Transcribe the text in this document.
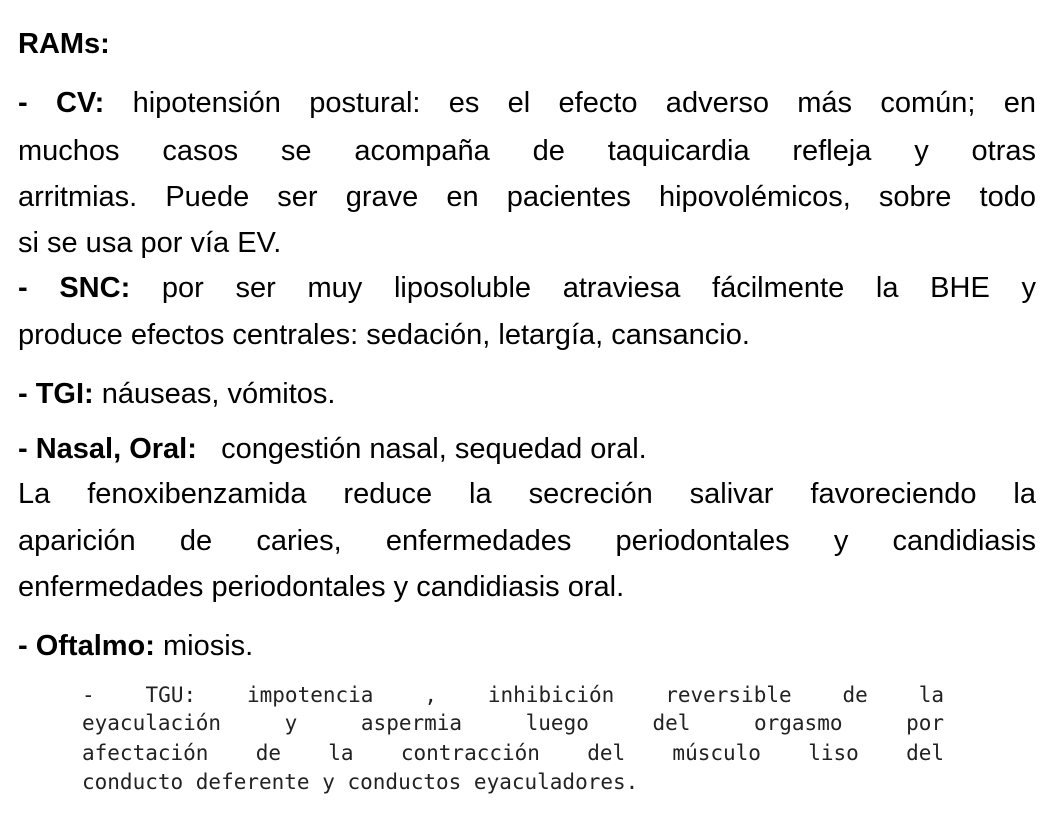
RAMs:
- CV: hipotensión postural: es el efecto adverso más común; en
muchos casos se acompaña de taquicardia refleja y otras
arritmias. Puede ser grave en pacientes hipovolémicos, sobre todo
si se usa por vía EV.
- SNC: por ser muy liposoluble atraviesa fácilmente la BHE y
produce efectos centrales: sedación, letargía, cansancio.
- TGI: náuseas, vómitos.
- Nasal, Oral: congestión nasal, sequedad oral.
La fenoxibenzamida reduce la secreción salivar favoreciendo la
aparición de caries, enfermedades periodontales y candidiasis
enfermedades periodontales y candidiasis oral.
- Oftalmo: miosis.
- TGU: impotencia , inhibición reversible de la
eyaculación y aspermia luego del orgasmo por
afectación de la contracción del músculo liso del
conducto deferente y conductos eyaculadores.
